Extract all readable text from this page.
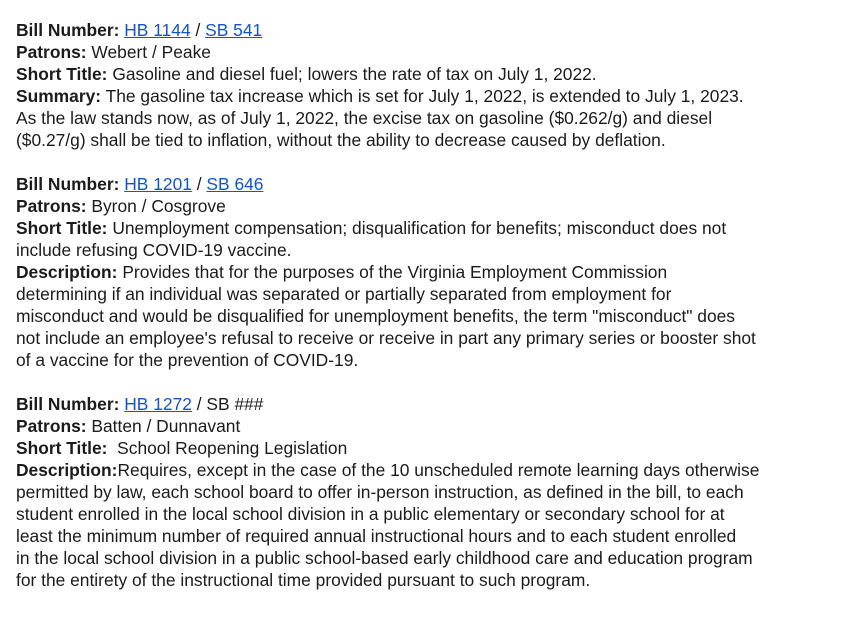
Bill Number: HB 1144 / SB 541
Patrons: Webert / Peake
Short Title: Gasoline and diesel fuel; lowers the rate of tax on July 1, 2022.
Summary: The gasoline tax increase which is set for July 1, 2022, is extended to July 1, 2023.
As the law stands now, as of July 1, 2022, the excise tax on gasoline ($0.262/g) and diesel
($0.27/g) shall be tied to inflation, without the ability to decrease caused by deflation.
Bill Number: HB 1201 / SB 646
Patrons: Byron / Cosgrove
Short Title: Unemployment compensation; disqualification for benefits; misconduct does not
include refusing COVID-19 vaccine.
Description: Provides that for the purposes of the Virginia Employment Commission
determining if an individual was separated or partially separated from employment for
misconduct and would be disqualified for unemployment benefits, the term "misconduct" does
not include an employee's refusal to receive or receive in part any primary series or booster shot
of a vaccine for the prevention of COVID-19.
Bill Number: HB 1272 / SB ###
Patrons: Batten / Dunnavant
Short Title:  School Reopening Legislation
Description:Requires, except in the case of the 10 unscheduled remote learning days otherwise
permitted by law, each school board to offer in-person instruction, as defined in the bill, to each
student enrolled in the local school division in a public elementary or secondary school for at
least the minimum number of required annual instructional hours and to each student enrolled
in the local school division in a public school-based early childhood care and education program
for the entirety of the instructional time provided pursuant to such program.
